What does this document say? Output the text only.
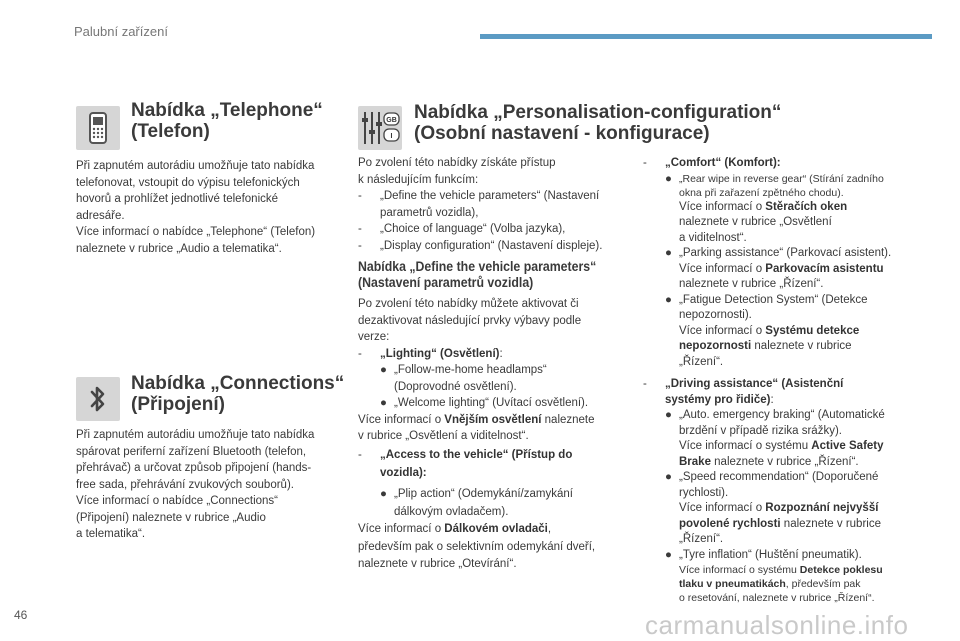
Palubní zařízení
Nabídka „Telephone“
(Telefon)
Při zapnutém autorádiu umožňuje tato nabídka
telefonovat, vstoupit do výpisu telefonických
hovorů a prohlížet jednotlivé telefonické
adresáře.
Více informací o nabídce „Telephone“ (Telefon)
naleznete v rubrice „Audio a telematika“.
Nabídka „Connections“
(Připojení)
Při zapnutém autorádiu umožňuje tato nabídka
spárovat periferní zařízení Bluetooth (telefon,
přehrávač) a určovat způsob připojení (hands-
free sada, přehrávání zvukových souborů).
Více informací o nabídce „Connections“
(Připojení) naleznete v rubrice „Audio
a telematika“.
GB
I
Nabídka „Personalisation-configuration“
(Osobní nastavení - konfigurace)
Po zvolení této nabídky získáte přístup
k následujícím funkcím:
-	„Define the vehicle parameters“ (Nastavení
parametrů vozidla),
-	„Choice of language“ (Volba jazyka),
-	„Display configuration“ (Nastavení displeje).
Nabídka „Define the vehicle parameters“
(Nastavení parametrů vozidla)
Po zvolení této nabídky můžete aktivovat či
dezaktivovat následující prvky výbavy podle
verze:
-	„Lighting“ (Osvětlení):
● „Follow-me-home headlamps“
(Doprovodné osvětlení).
● „Welcome lighting“ (Uvítací osvětlení).
Více informací o Vnějším osvětlení naleznete
v rubrice „Osvětlení a viditelnost“.
-	„Access to the vehicle“ (Přístup do
vozidla):
● „Plip action“ (Odemykání/zamykání
dálkovým ovladačem).
Více informací o Dálkovém ovladači,
především pak o selektivním odemykání dveří,
naleznete v rubrice „Otevírání“.
-	„Comfort“ (Komfort):
● „Rear wipe in reverse gear“ (Stírání zadního
okna při zařazení zpětného chodu).
Více informací o Stěračích oken
naleznete v rubrice „Osvětlení
a viditelnost“.
● „Parking assistance“ (Parkovací asistent).
Více informací o Parkovacím asistentu
naleznete v rubrice „Řízení“.
● „Fatigue Detection System“ (Detekce
nepozornosti).
Více informací o Systému detekce
nepozornosti naleznete v rubrice
„Řízení“.
-	„Driving assistance“ (Asistenční
systémy pro řidiče):
● „Auto. emergency braking“ (Automatické
brzdění v případě rizika srážky).
Více informací o systému Active Safety
Brake naleznete v rubrice „Řízení“.
● „Speed recommendation“ (Doporučené
rychlosti).
Více informací o Rozpoznání nejvyšší
povolené rychlosti naleznete v rubrice
„Řízení“.
● „Tyre inflation“ (Huštění pneumatik).
Více informací o systému Detekce poklesu
tlaku v pneumatikách, především pak
o resetování, naleznete v rubrice „Řízení“.
46	carmanualsonline.info
